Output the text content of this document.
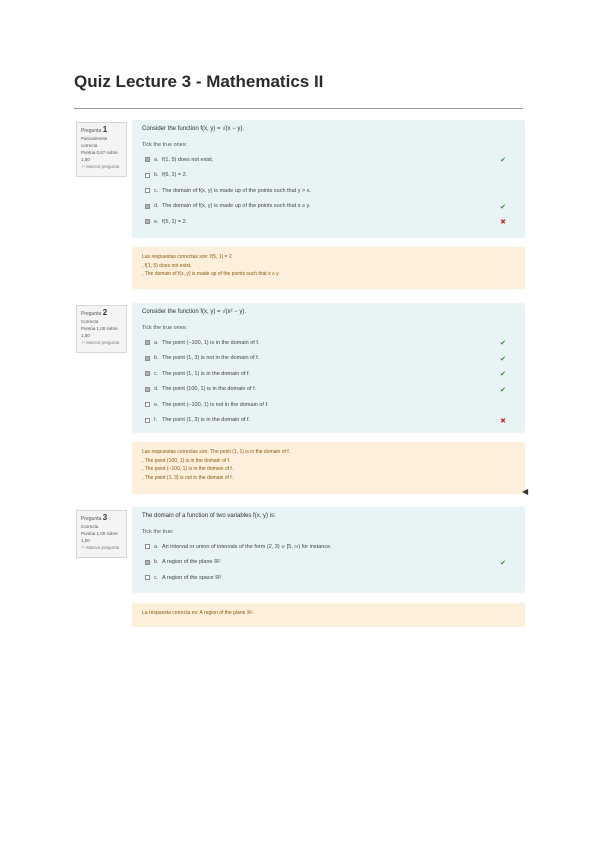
Quiz Lecture 3 - Mathematics II
Pregunta 1
Parcialmente correcta
Puntúa 0,67 sobre 1,00
⚐ Marcar pregunta
Consider the function f(x, y) = √(x − y).
Tick the true ones:
a. f(1, 5) does not exist.	✔
b. f(6, 1) = 2.
c. The domain of f(x, y) is made up of the points such that y > x.
d. The domain of f(x, y) is made up of the points such that x ≥ y.	✔
e. f(5, 1) = 2.	✖
Las respuestas correctas son: f(5, 1) = 2
, f(1, 5) does not exist.
, The domain of f(x, y) is made up of the points such that x ≥ y.
Pregunta 2
Correcta
Puntúa 1,00 sobre 1,00
⚐ Marcar pregunta
Consider the function f(x, y) = √(x² − y).
Tick the true ones:
a. The point (−100, 1) is in the domain of f.	✔
b. The point (1, 3) is not in the domain of f.	✔
c. The point (1, 1) is in the domain of f.	✔
d. The point (100, 1) is in the domain of f.	✔
e. The point (−100, 1) is not in the domain of f.
f. The point (1, 3) is in the domain of f.	✖
Las respuestas correctas son: The point (1, 1) is in the domain of f.
, The point (100, 1) is in the domain of f.
, The point (−100, 1) is in the domain of f.
, The point (1, 3) is not in the domain of f.
◀
Pregunta 3
Correcta
Puntúa 1,00 sobre 1,00
⚐ Marcar pregunta
The domain of a function of two variables f(x, y) is:
Tick the true:
a. An interval or union of intervals of the form (2, 3) ∪ [5, ∞) for instance.
b. A region of the plane ℝ².	✔
c. A region of the space ℝ³.
La respuesta correcta es: A region of the plane ℝ².
